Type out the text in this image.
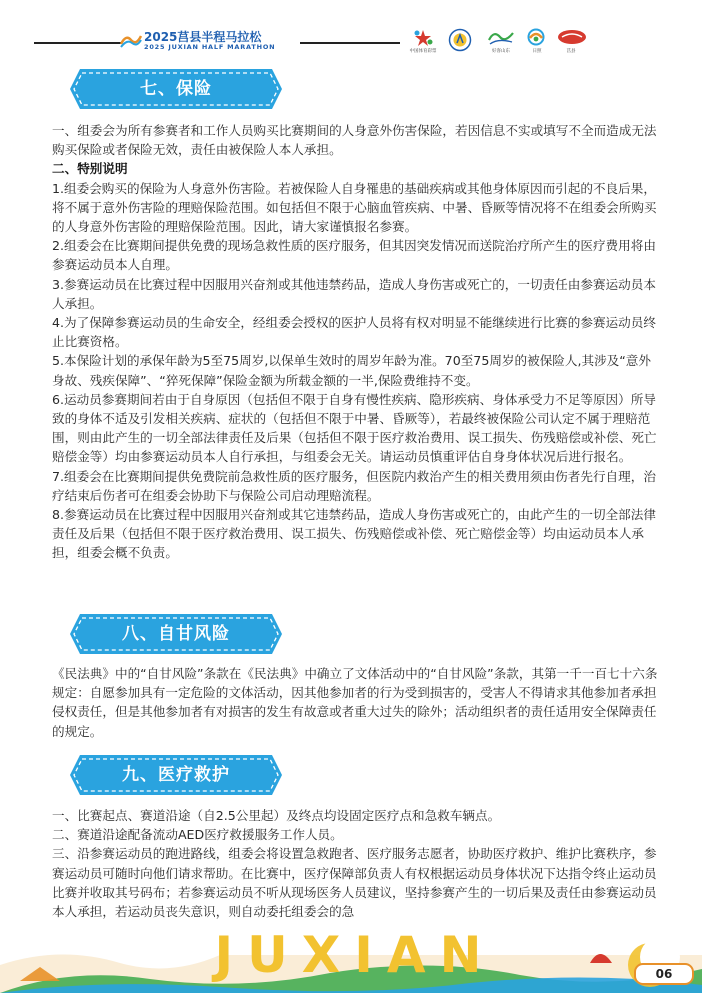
2025莒县半程马拉松
2025 JUXIAN HALF MARATHON
中国体育彩票	好客山东	日照	莒县
七、保险

一、组委会为所有参赛者和工作人员购买比赛期间的人身意外伤害保险，若因信息不实或填写不全而造成无法购买保险或者保险无效，责任由被保险人本人承担。

二、特别说明

1.组委会购买的保险为人身意外伤害险。若被保险人自身罹患的基础疾病或其他身体原因而引起的不良后果，将不属于意外伤害险的理赔保险范围。如包括但不限于心脑血管疾病、中暑、昏厥等情况将不在组委会所购买的人身意外伤害险的理赔保险范围。因此，请大家谨慎报名参赛。

2.组委会在比赛期间提供免费的现场急救性质的医疗服务，但其因突发情况而送院治疗所产生的医疗费用将由参赛运动员本人自理。

3.参赛运动员在比赛过程中因服用兴奋剂或其他违禁药品，造成人身伤害或死亡的，一切责任由参赛运动员本人承担。

4.为了保障参赛运动员的生命安全，经组委会授权的医护人员将有权对明显不能继续进行比赛的参赛运动员终止比赛资格。

5.本保险计划的承保年龄为5至75周岁,以保单生效时的周岁年龄为准。70至75周岁的被保险人,其涉及“意外身故、残疾保障”、“猝死保障”保险金额为所载金额的一半,保险费维持不变。

6.运动员参赛期间若由于自身原因（包括但不限于自身有慢性疾病、隐形疾病、身体承受力不足等原因）所导致的身体不适及引发相关疾病、症状的（包括但不限于中暑、昏厥等），若最终被保险公司认定不属于理赔范围，则由此产生的一切全部法律责任及后果（包括但不限于医疗救治费用、误工损失、伤残赔偿或补偿、死亡赔偿金等）均由参赛运动员本人自行承担，与组委会无关。请运动员慎重评估自身身体状况后进行报名。

7.组委会在比赛期间提供免费院前急救性质的医疗服务，但医院内救治产生的相关费用须由伤者先行自理，治疗结束后伤者可在组委会协助下与保险公司启动理赔流程。

8.参赛运动员在比赛过程中因服用兴奋剂或其它违禁药品，造成人身伤害或死亡的，由此产生的一切全部法律责任及后果（包括但不限于医疗救治费用、误工损失、伤残赔偿或补偿、死亡赔偿金等）均由运动员本人承担，组委会概不负责。

八、自甘风险

《民法典》中的“自甘风险”条款在《民法典》中确立了文体活动中的“自甘风险”条款，其第一千一百七十六条规定：自愿参加具有一定危险的文体活动，因其他参加者的行为受到损害的，受害人不得请求其他参加者承担侵权责任，但是其他参加者有对损害的发生有故意或者重大过失的除外；活动组织者的责任适用安全保障责任的规定。

九、医疗救护

一、比赛起点、赛道沿途（自2.5公里起）及终点均设固定医疗点和急救车辆点。

二、赛道沿途配备流动AED医疗救援服务工作人员。

三、沿参赛运动员的跑进路线，组委会将设置急救跑者、医疗服务志愿者，协助医疗救护、维护比赛秩序，参赛运动员可随时向他们请求帮助。在比赛中，医疗保障部负责人有权根据运动员身体状况下达指令终止运动员比赛并收取其号码布；若参赛运动员不听从现场医务人员建议，坚持参赛产生的一切后果及责任由参赛运动员本人承担，若运动员丧失意识，则自动委托组委会的急

JUXIAN	06
